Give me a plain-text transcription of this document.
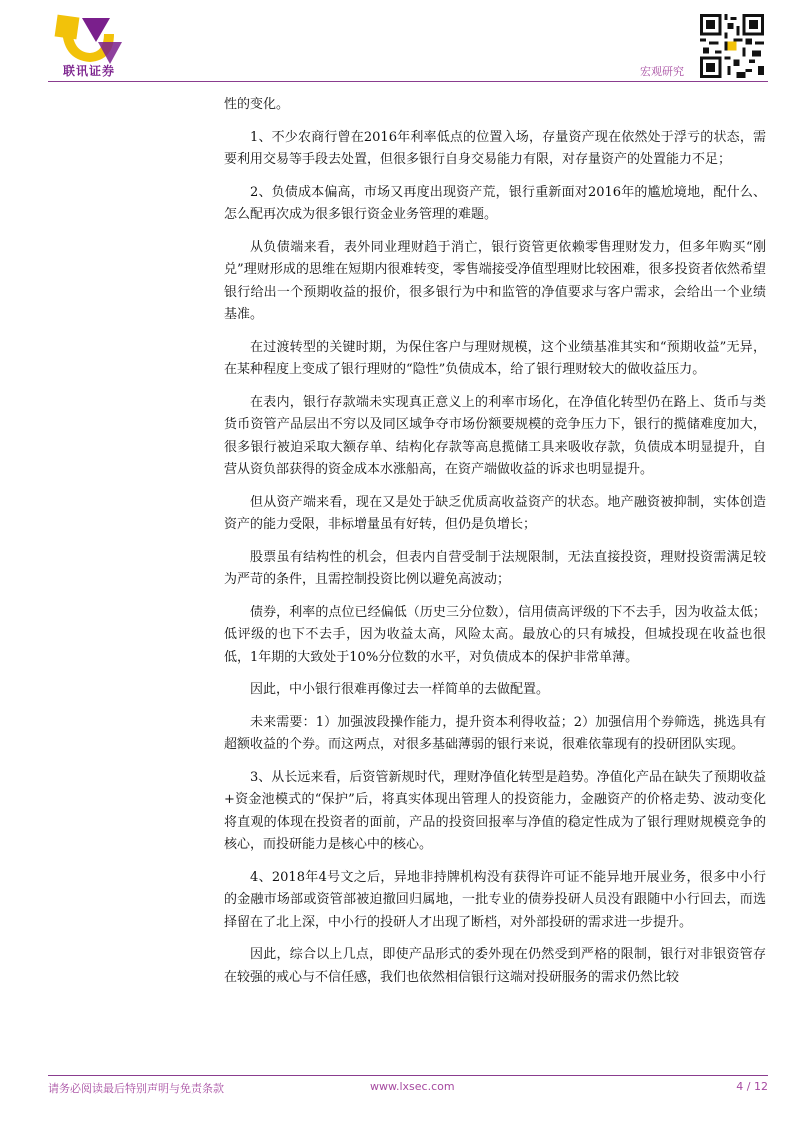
联讯证券	宏观研究

性的变化。

1、不少农商行曾在2016年利率低点的位置入场，存量资产现在依然处于浮亏的状态，需要利用交易等手段去处置，但很多银行自身交易能力有限，对存量资产的处置能力不足；

2、负债成本偏高，市场又再度出现资产荒，银行重新面对2016年的尴尬境地，配什么、怎么配再次成为很多银行资金业务管理的难题。

从负债端来看，表外同业理财趋于消亡，银行资管更依赖零售理财发力，但多年购买“刚兑”理财形成的思维在短期内很难转变，零售端接受净值型理财比较困难，很多投资者依然希望银行给出一个预期收益的报价，很多银行为中和监管的净值要求与客户需求，会给出一个业绩基准。

在过渡转型的关键时期，为保住客户与理财规模，这个业绩基准其实和“预期收益”无异，在某种程度上变成了银行理财的“隐性”负债成本，给了银行理财较大的做收益压力。

在表内，银行存款端未实现真正意义上的利率市场化，在净值化转型仍在路上、货币与类货币资管产品层出不穷以及同区域争夺市场份额要规模的竞争压力下，银行的揽储难度加大，很多银行被迫采取大额存单、结构化存款等高息揽储工具来吸收存款，负债成本明显提升，自营从资负部获得的资金成本水涨船高，在资产端做收益的诉求也明显提升。

但从资产端来看，现在又是处于缺乏优质高收益资产的状态。地产融资被抑制，实体创造资产的能力受限，非标增量虽有好转，但仍是负增长；

股票虽有结构性的机会，但表内自营受制于法规限制，无法直接投资，理财投资需满足较为严苛的条件，且需控制投资比例以避免高波动；

债券，利率的点位已经偏低（历史三分位数），信用债高评级的下不去手，因为收益太低；低评级的也下不去手，因为收益太高，风险太高。最放心的只有城投，但城投现在收益也很低，1年期的大致处于10%分位数的水平，对负债成本的保护非常单薄。

因此，中小银行很难再像过去一样简单的去做配置。

未来需要：1）加强波段操作能力，提升资本利得收益；2）加强信用个券筛选，挑选具有超额收益的个券。而这两点，对很多基础薄弱的银行来说，很难依靠现有的投研团队实现。

3、从长远来看，后资管新规时代，理财净值化转型是趋势。净值化产品在缺失了预期收益+资金池模式的“保护”后，将真实体现出管理人的投资能力，金融资产的价格走势、波动变化将直观的体现在投资者的面前，产品的投资回报率与净值的稳定性成为了银行理财规模竞争的核心，而投研能力是核心中的核心。

4、2018年4号文之后，异地非持牌机构没有获得许可证不能异地开展业务，很多中小行的金融市场部或资管部被迫撤回归属地，一批专业的债券投研人员没有跟随中小行回去，而选择留在了北上深，中小行的投研人才出现了断档，对外部投研的需求进一步提升。

因此，综合以上几点，即使产品形式的委外现在仍然受到严格的限制，银行对非银资管存在较强的戒心与不信任感，我们也依然相信银行这端对投研服务的需求仍然比较

请务必阅读最后特别声明与免责条款	www.lxsec.com	4 / 12
